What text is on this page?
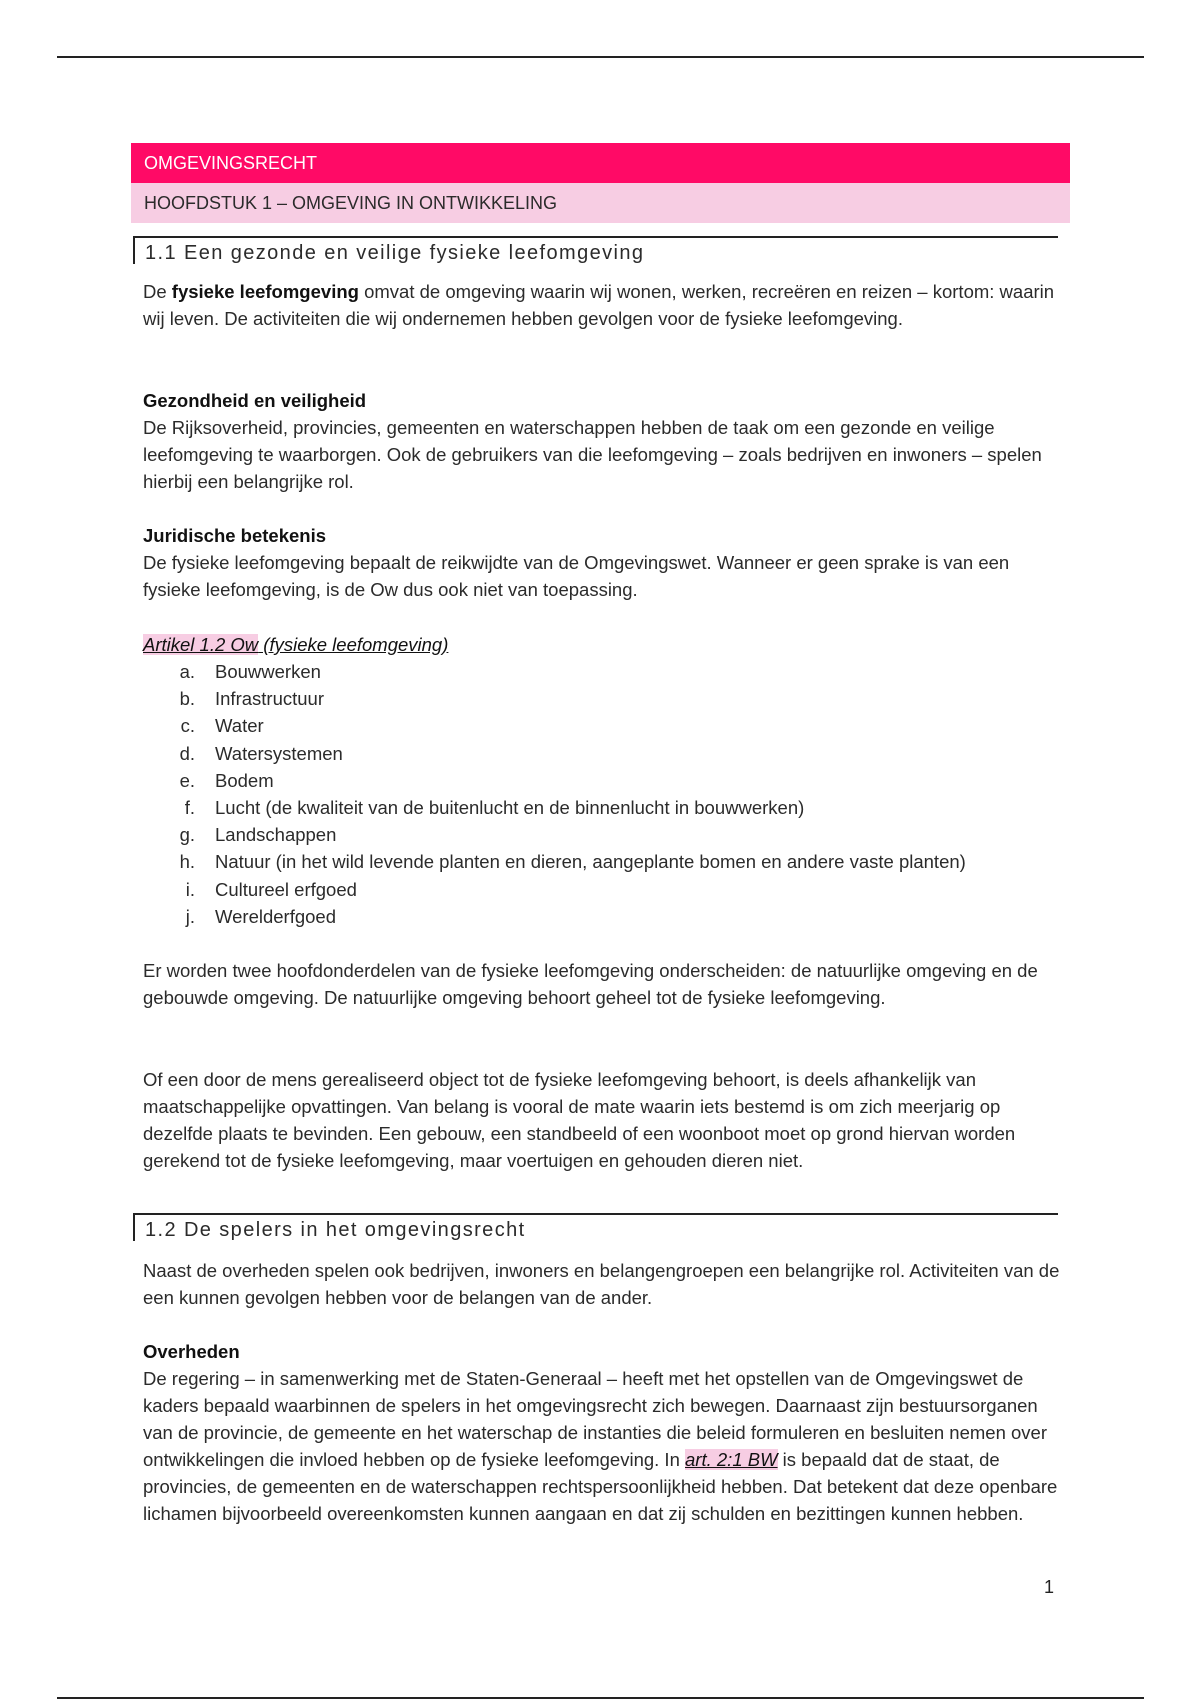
OMGEVINGSRECHT
HOOFDSTUK 1 – OMGEVING IN ONTWIKKELING
1.1 Een gezonde en veilige fysieke leefomgeving

De fysieke leefomgeving omvat de omgeving waarin wij wonen, werken, recreëren en reizen – kortom: waarin wij leven. De activiteiten die wij ondernemen hebben gevolgen voor de fysieke leefomgeving.

Gezondheid en veiligheid

De Rijksoverheid, provincies, gemeenten en waterschappen hebben de taak om een gezonde en veilige leefomgeving te waarborgen. Ook de gebruikers van die leefomgeving – zoals bedrijven en inwoners – spelen hierbij een belangrijke rol.

Juridische betekenis

De fysieke leefomgeving bepaalt de reikwijdte van de Omgevingswet. Wanneer er geen sprake is van een fysieke leefomgeving, is de Ow dus ook niet van toepassing.

Artikel 1.2 Ow (fysieke leefomgeving)
a.	Bouwwerken
b.	Infrastructuur
c.	Water
d.	Watersystemen
e.	Bodem
f.	Lucht (de kwaliteit van de buitenlucht en de binnenlucht in bouwwerken)
g.	Landschappen
h.	Natuur (in het wild levende planten en dieren, aangeplante bomen en andere vaste planten)
i.	Cultureel erfgoed
j.	Werelderfgoed

Er worden twee hoofdonderdelen van de fysieke leefomgeving onderscheiden: de natuurlijke omgeving en de gebouwde omgeving. De natuurlijke omgeving behoort geheel tot de fysieke leefomgeving.

Of een door de mens gerealiseerd object tot de fysieke leefomgeving behoort, is deels afhankelijk van maatschappelijke opvattingen. Van belang is vooral de mate waarin iets bestemd is om zich meerjarig op dezelfde plaats te bevinden. Een gebouw, een standbeeld of een woonboot moet op grond hiervan worden gerekend tot de fysieke leefomgeving, maar voertuigen en gehouden dieren niet.

1.2 De spelers in het omgevingsrecht

Naast de overheden spelen ook bedrijven, inwoners en belangengroepen een belangrijke rol. Activiteiten van de een kunnen gevolgen hebben voor de belangen van de ander.

Overheden

De regering – in samenwerking met de Staten-Generaal – heeft met het opstellen van de Omgevingswet de kaders bepaald waarbinnen de spelers in het omgevingsrecht zich bewegen. Daarnaast zijn bestuursorganen van de provincie, de gemeente en het waterschap de instanties die beleid formuleren en besluiten nemen over ontwikkelingen die invloed hebben op de fysieke leefomgeving. In art. 2:1 BW is bepaald dat de staat, de provincies, de gemeenten en de waterschappen rechtspersoonlijkheid hebben. Dat betekent dat deze openbare lichamen bijvoorbeeld overeenkomsten kunnen aangaan en dat zij schulden en bezittingen kunnen hebben.

1
